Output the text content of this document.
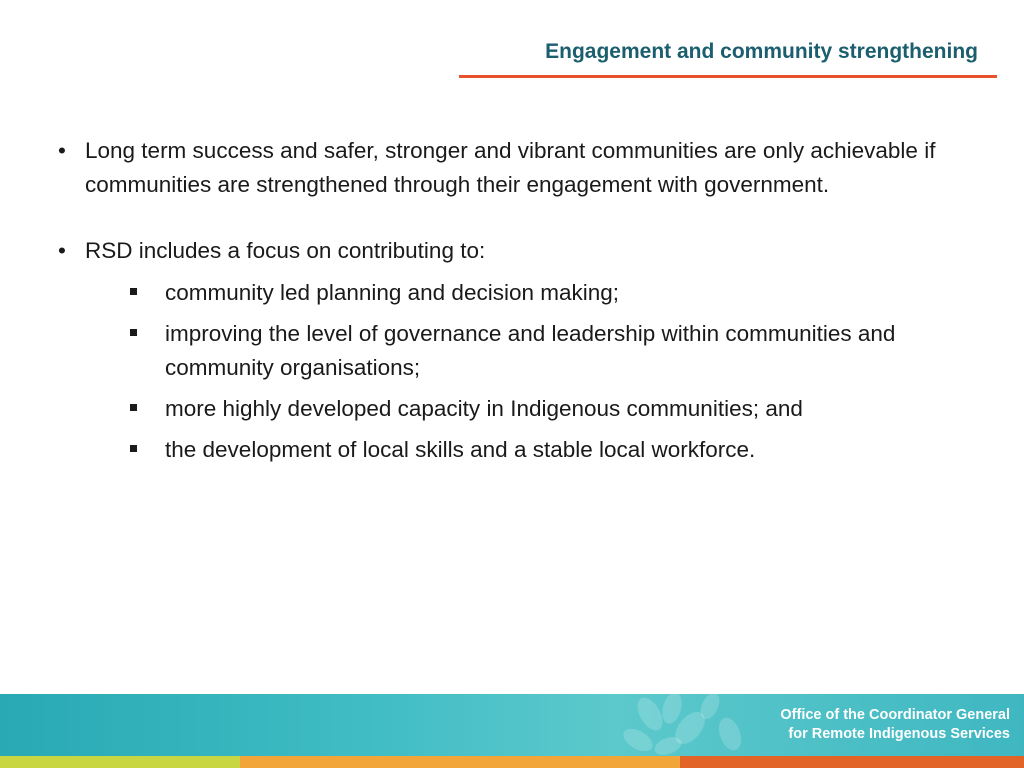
Engagement and community strengthening

• Long term success and safer, stronger and vibrant communities are only achievable if communities are strengthened through their engagement with government.

• RSD includes a focus on contributing to:

community led planning and decision making;
improving the level of governance and leadership within communities and community organisations;
more highly developed capacity in Indigenous communities; and
the development of local skills and a stable local workforce.
Office of the Coordinator General
for Remote Indigenous Services
